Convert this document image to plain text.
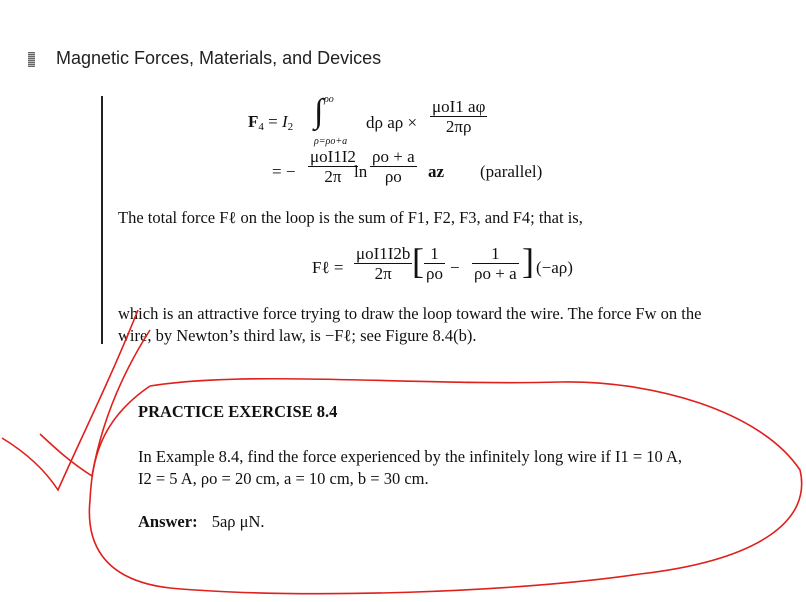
Magnetic Forces, Materials, and Devices
$F_4 = I_2$ ∫ ρo
ρ=ρo+a
dρ $a\rho \times \frac{\text{μoI1 aφ}}{2\pi\rho}$
= − $\frac{\text{μoI1I2}}{2\pi}$
$\ln \frac{\rho o + a}{\rho o}$ az (parallel)
The total force Fℓ on the loop is the sum of F1, F2, F3, and F4; that is,
Fℓ = $\frac{\text{μoI1I2b}}{2\pi}$ [ $\frac{1}{\rho o} - \frac{1}{\rho o + a}$ ] (−aρ)
which is an attractive force trying to draw the loop toward the wire. The force Fw on the
wire, by Newton’s third law, is −Fℓ; see Figure 8.4(b).
PRACTICE EXERCISE 8.4
In Example 8.4, find the force experienced by the infinitely long wire if I1 = 10 A,
I2 = 5 A, ρo = 20 cm, a = 10 cm, b = 30 cm.
Answer: 5aρ μN.
